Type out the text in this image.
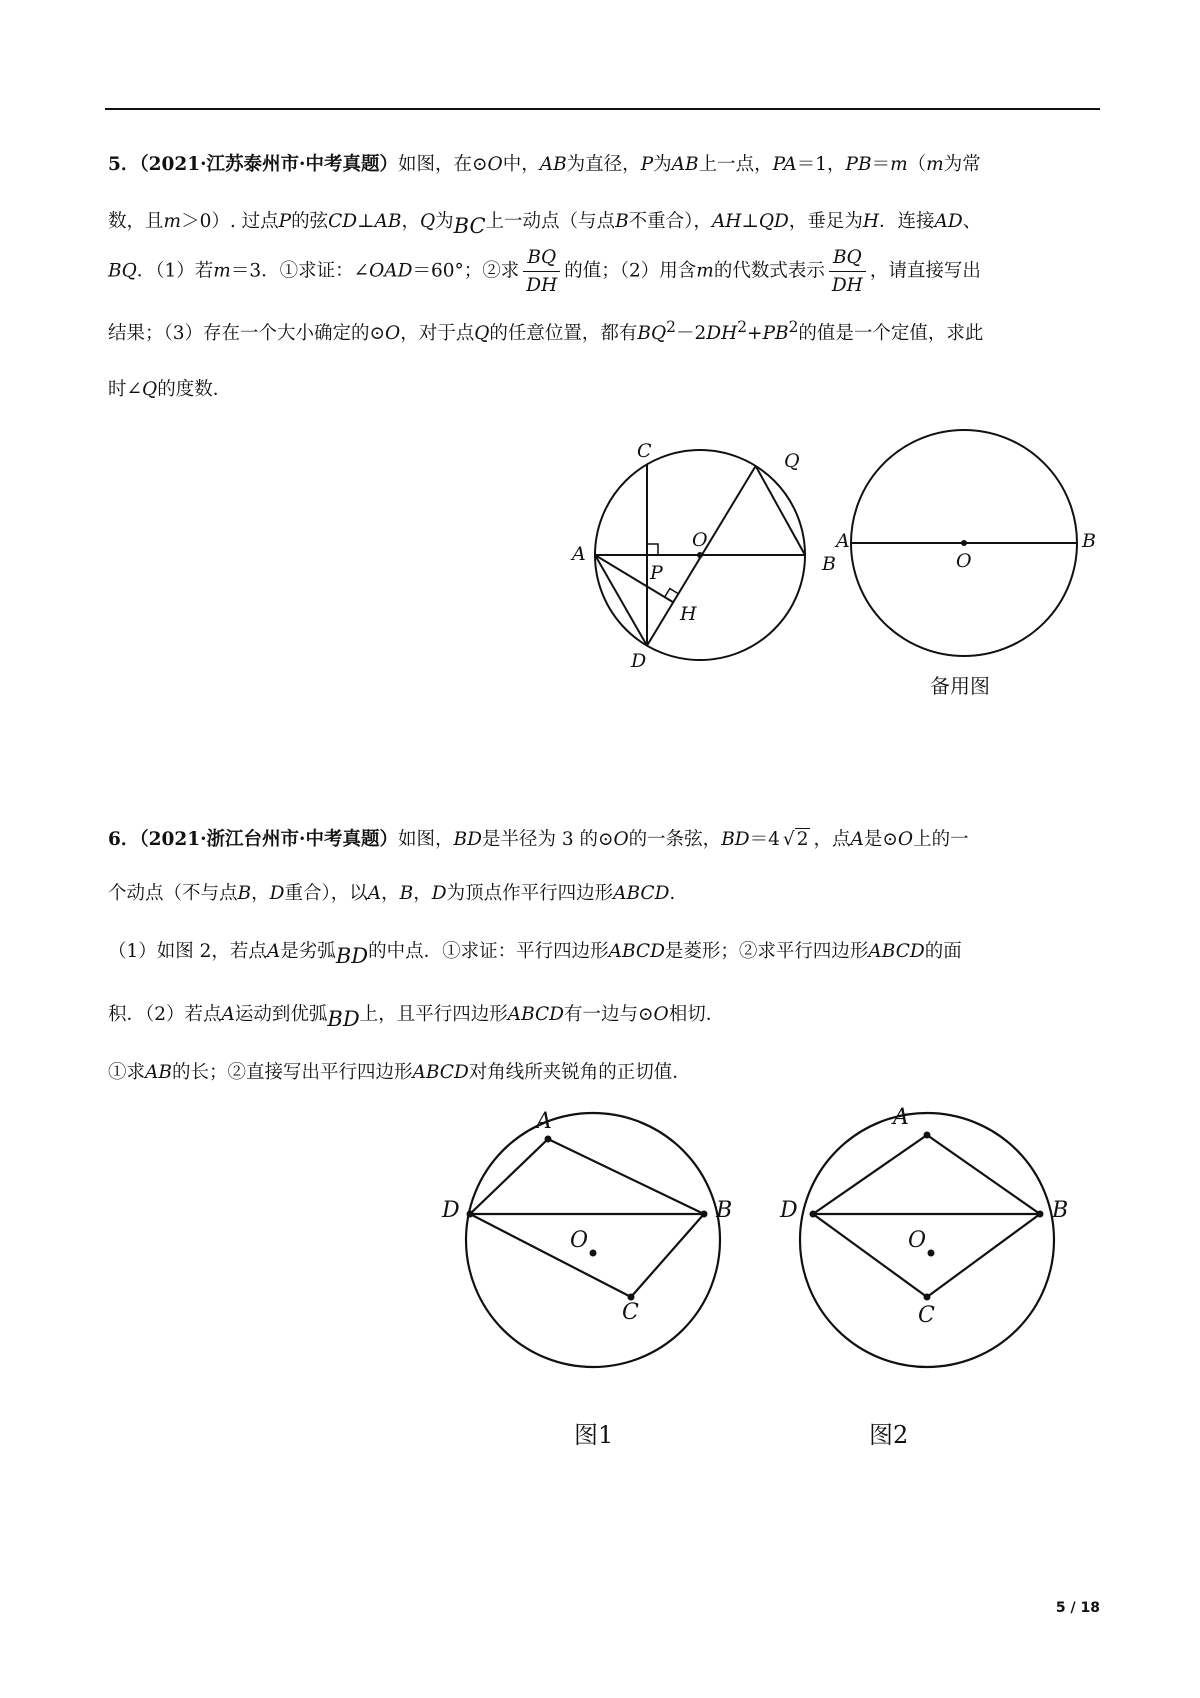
5．（2021·江苏泰州市·中考真题）如图，在⊙O中，AB为直径，P为AB上一点，PA＝1，PB＝m（m为常
数，且m＞0）. 过点P的弦CD⊥AB，Q为BC上一动点（与点B不重合），AH⊥QD，垂足为H．连接AD、
BQ．（1）若m＝3．①求证：∠OAD＝60°；②求 $\frac{BQ}{DH}$ 的值；（2）用含m的代数式表示 $\frac{BQ}{DH}$ ，请直接写出
结果；（3）存在一个大小确定的⊙O，对于点Q的任意位置，都有$BQ^2-2DH^2+PB^2$的值是一个定值，求此
时∠Q的度数．
C	Q
A
O
P	B
H
D
A
O
B
备用图
6．（2021·浙江台州市·中考真题）如图，BD是半径为 3 的⊙O的一条弦，BD＝4 √ 2 ，点A是⊙O上的一
个动点（不与点B，D重合），以A，B，D为顶点作平行四边形ABCD.
（1）如图 2，若点A是劣弧BD的中点．①求证：平行四边形ABCD是菱形；②求平行四边形ABCD的面
积．（2）若点A运动到优弧BD上，且平行四边形ABCD有一边与⊙O相切．
①求AB的长；②直接写出平行四边形ABCD对角线所夹锐角的正切值．
A
D	B
O
C
图1
A
D	B
O
C
图2
5 / 18
